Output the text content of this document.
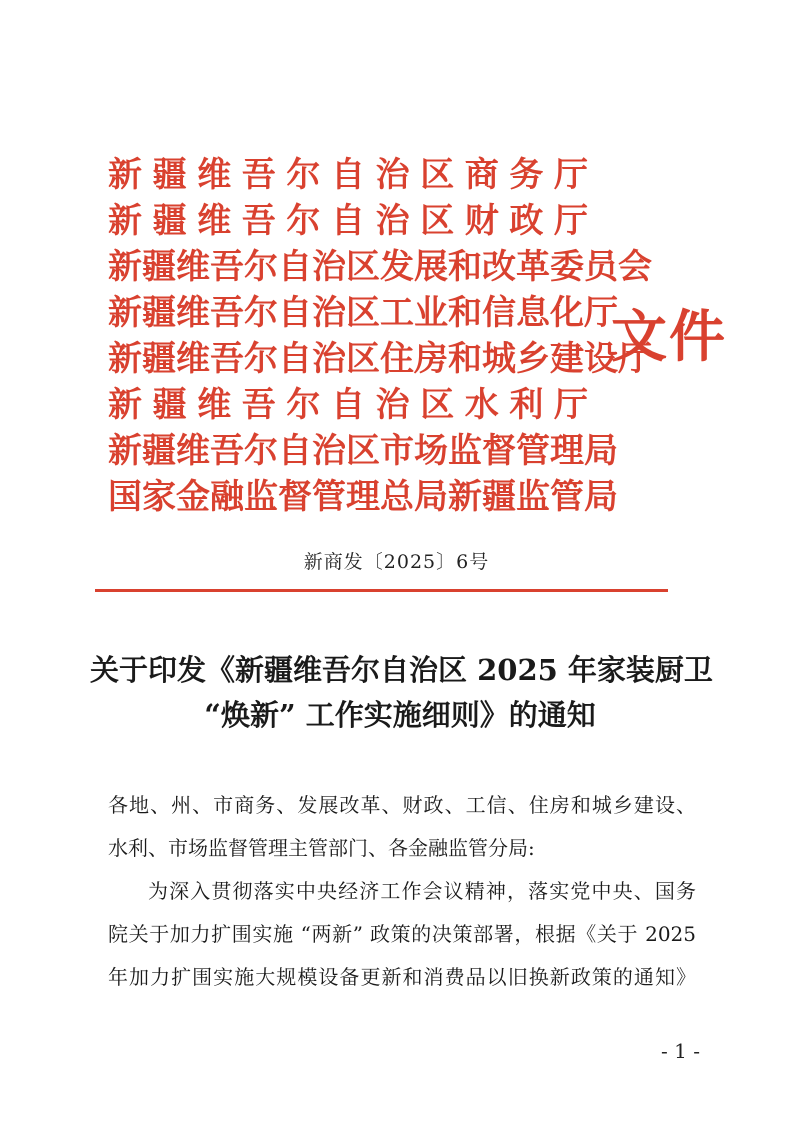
新疆维吾尔自治区商务厅
新疆维吾尔自治区财政厅
新疆维吾尔自治区发展和改革委员会
新疆维吾尔自治区工业和信息化厅
新疆维吾尔自治区住房和城乡建设厅
新疆维吾尔自治区水利厅
新疆维吾尔自治区市场监督管理局
国家金融监督管理总局新疆监管局
文件
新商发〔2025〕6号
关于印发《新疆维吾尔自治区 2025 年家装厨卫
“焕新” 工作实施细则》的通知
各地、州、市商务、发展改革、财政、工信、住房和城乡建设、
水利、市场监督管理主管部门、各金融监管分局:
为深入贯彻落实中央经济工作会议精神，落实党中央、国务
院关于加力扩围实施 “两新” 政策的决策部署，根据《关于 2025
年加力扩围实施大规模设备更新和消费品以旧换新政策的通知》
- 1 -
